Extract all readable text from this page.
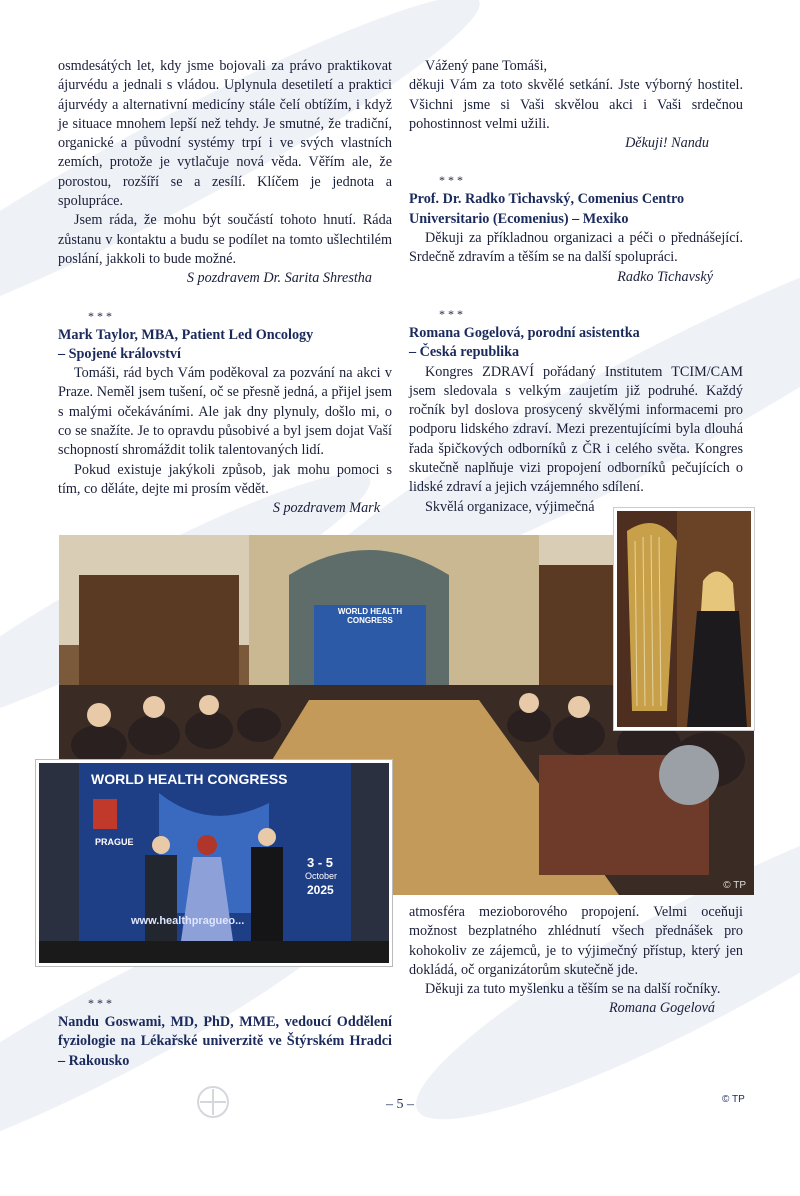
osmdesátých let, kdy jsme bojovali za právo praktikovat ájurvédu a jednali s vládou. Uplynula desetiletí a praktici ájurvédy a alternativní medicíny stále čelí obtížím, i když je situace mnohem lepší než tehdy. Je smutné, že tradiční, organické a původní systémy trpí i ve svých vlastních zemích, protože je vytlačuje nová věda. Věřím ale, že porostou, rozšíří se a zesílí. Klíčem je jednota a spolupráce.

Jsem ráda, že mohu být součástí tohoto hnutí. Ráda zůstanu v kontaktu a budu se podílet na tomto ušlechtilém poslání, jakkoli to bude možné.

S pozdravem Dr. Sarita Shrestha

***

Mark Taylor, MBA, Patient Led Oncology

– Spojené království

Tomáši, rád bych Vám poděkoval za pozvání na akci v Praze. Neměl jsem tušení, oč se přesně jedná, a přijel jsem s malými očekáváními. Ale jak dny plynuly, došlo mi, o co se snažíte. Je to opravdu působivé a byl jsem dojat Vaší schopností shromáždit tolik talentovaných lidí.

Pokud existuje jakýkoli způsob, jak mohu pomoci s tím, co děláte, dejte mi prosím vědět.

S pozdravem Mark

Vážený pane Tomáši,

děkuji Vám za toto skvělé setkání. Jste výborný hostitel. Všichni jsme si Vaši skvělou akci i Vaši srdečnou pohostinnost velmi užili.

Děkuji! Nandu

***

Prof. Dr. Radko Tichavský, Comenius Centro Universitario (Ecomenius) – Mexiko

Děkuji za příkladnou organizaci a péči o přednášející. Srdečně zdravím a těším se na další spolupráci.

Radko Tichavský

***

Romana Gogelová, porodní asistentka

– Česká republika

Kongres ZDRAVÍ pořádaný Institutem TCIM/CAM jsem sledovala s velkým zaujetím již podruhé. Každý ročník byl doslova prosycený skvělými informacemi pro podporu lidského zdraví. Mezi prezentujícími byla dlouhá řada špičkových odborníků z ČR i celého světa. Kongres skutečně naplňuje vizi propojení odborníků pečujících o lidské zdraví a jejich vzájemného sdílení.

Skvělá organizace, výjimečná

WORLD HEALTH CONGRESS
© TP
WORLD HEALTH CONGRESS
PRAGUE
3 - 5
October
2025
www.healthpragueo...

atmosféra mezioborového propojení. Velmi oceňuji možnost bezplatného zhlédnutí všech přednášek pro kohokoliv ze zájemců, je to výjimečný přístup, který jen dokládá, oč organizátorům skutečně jde.

Děkuji za tuto myšlenku a těším se na další ročníky.

Romana Gogelová

***

Nandu Goswami, MD, PhD, MME, vedoucí Oddělení fyziologie na Lékařské univerzitě ve Štýrském Hradci – Rakousko

– 5 –	© TP
